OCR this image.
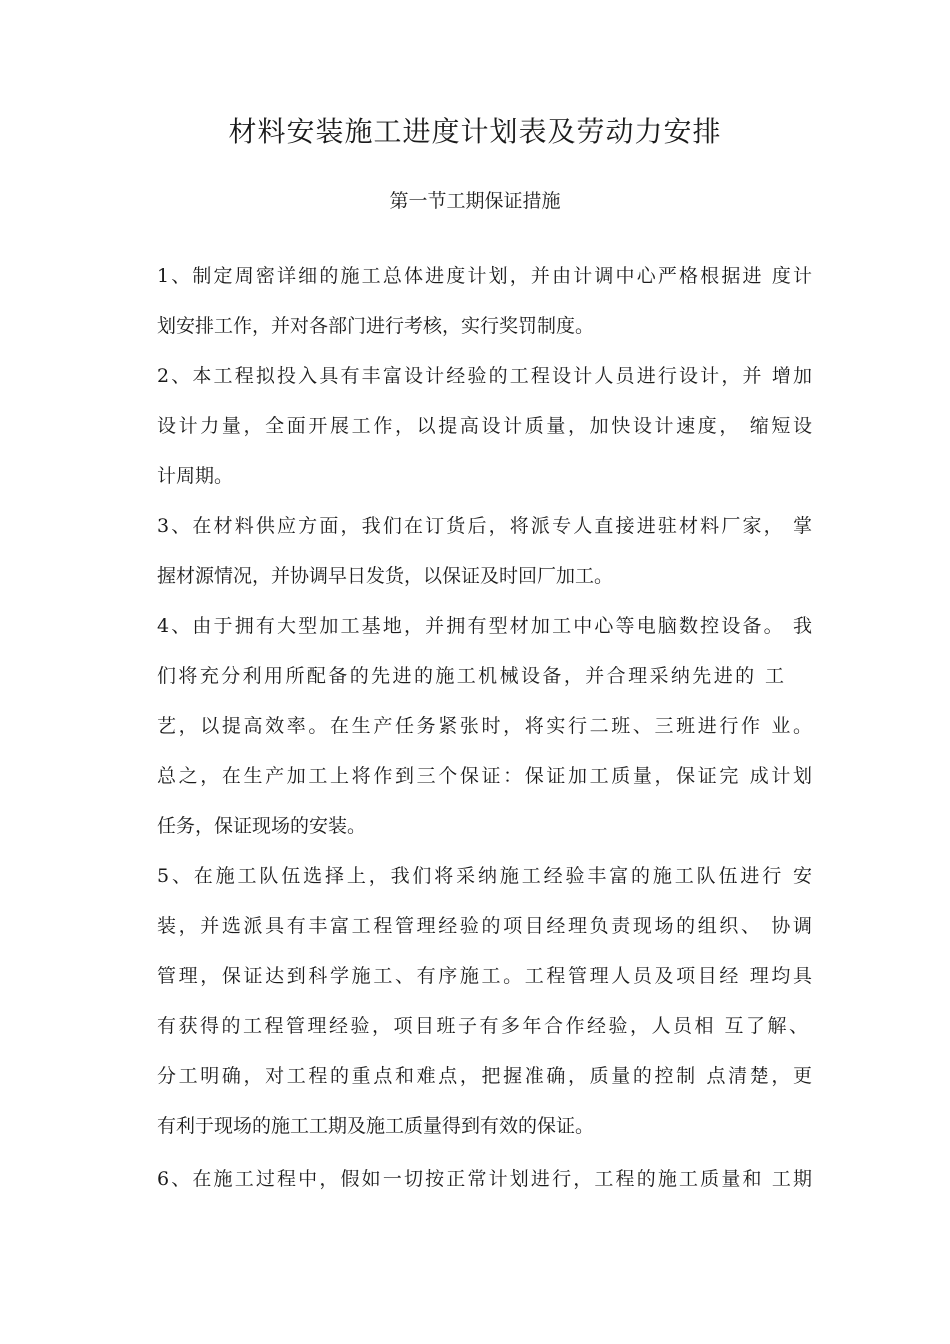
材料安装施工进度计划表及劳动力安排
第一节工期保证措施
1、制定周密详细的施工总体进度计划，并由计调中心严格根据进 度计
划安排工作，并对各部门进行考核，实行奖罚制度。
2、本工程拟投入具有丰富设计经验的工程设计人员进行设计，并 增加
设计力量，全面开展工作，以提高设计质量，加快设计速度， 缩短设
计周期。
3、在材料供应方面，我们在订货后，将派专人直接进驻材料厂家， 掌
握材源情况，并协调早日发货，以保证及时回厂加工。
4、由于拥有大型加工基地，并拥有型材加工中心等电脑数控设备。 我
们将充分利用所配备的先进的施工机械设备，并合理采纳先进的 工
艺，以提高效率。在生产任务紧张时，将实行二班、三班进行作 业。
总之，在生产加工上将作到三个保证：保证加工质量，保证完 成计划
任务，保证现场的安装。
5、在施工队伍选择上，我们将采纳施工经验丰富的施工队伍进行 安
装，并选派具有丰富工程管理经验的项目经理负责现场的组织、 协调
管理，保证达到科学施工、有序施工。工程管理人员及项目经 理均具
有获得的工程管理经验，项目班子有多年合作经验，人员相 互了解、
分工明确，对工程的重点和难点，把握准确，质量的控制 点清楚，更
有利于现场的施工工期及施工质量得到有效的保证。
6、在施工过程中，假如一切按正常计划进行，工程的施工质量和 工期
